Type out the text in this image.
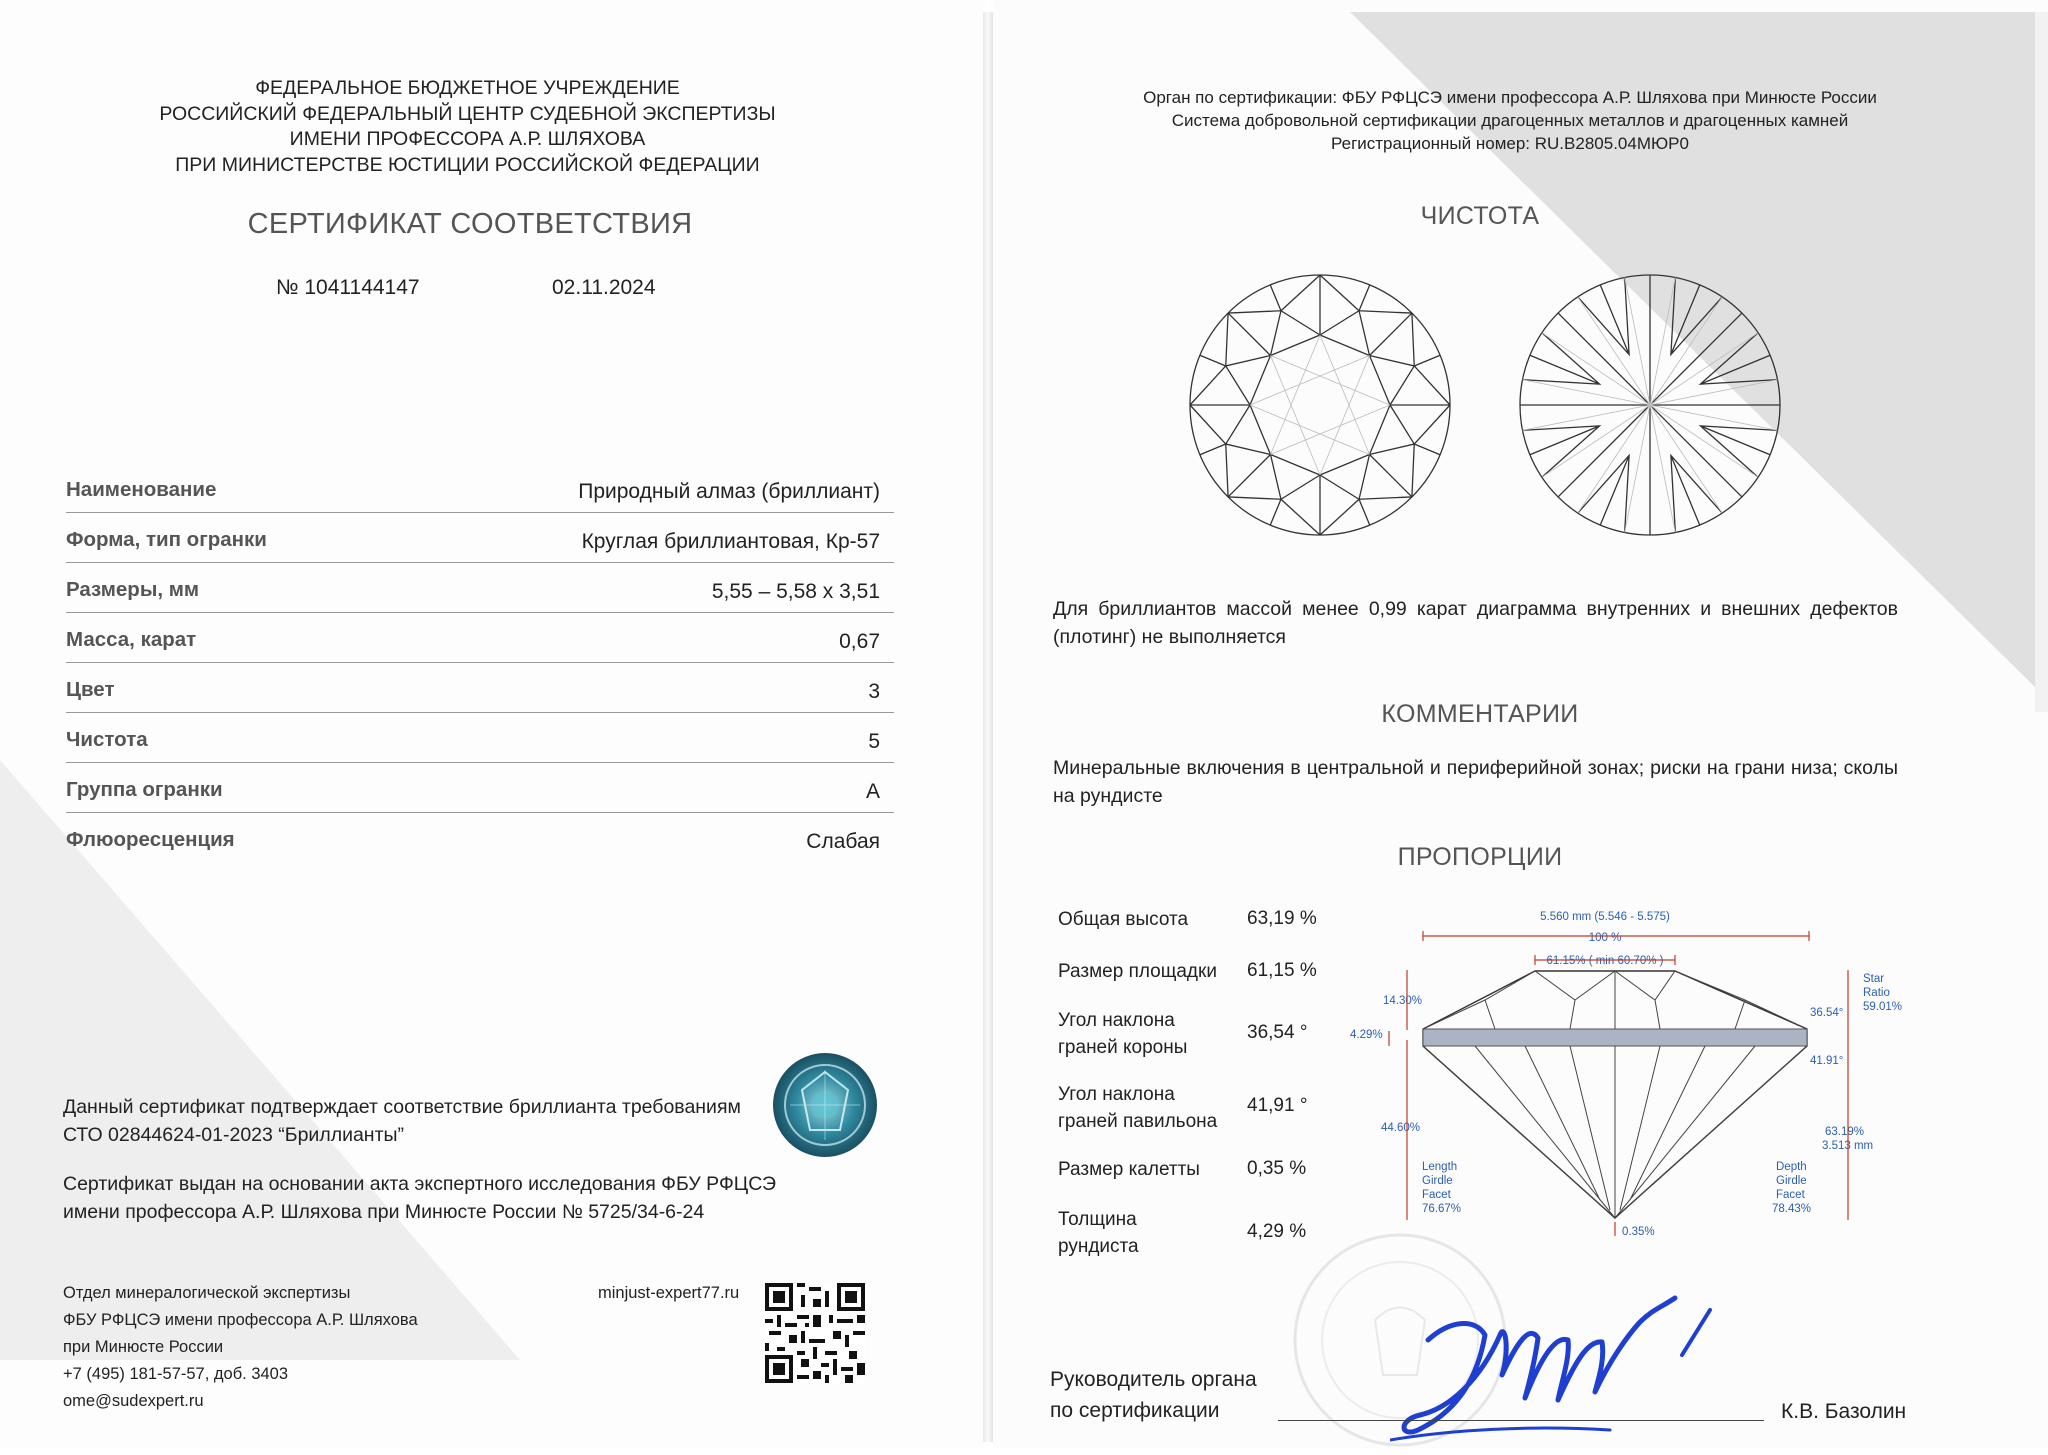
ФЕДЕРАЛЬНОЕ БЮДЖЕТНОЕ УЧРЕЖДЕНИЕ
РОССИЙСКИЙ ФЕДЕРАЛЬНЫЙ ЦЕНТР СУДЕБНОЙ ЭКСПЕРТИЗЫ
ИМЕНИ ПРОФЕССОРА А.Р. ШЛЯХОВА
ПРИ МИНИСТЕРСТВЕ ЮСТИЦИИ РОССИЙСКОЙ ФЕДЕРАЦИИ
СЕРТИФИКАТ СООТВЕТСТВИЯ
№ 1041144147	02.11.2024
Наименование	Природный алмаз (бриллиант)
Форма, тип огранки	Круглая бриллиантовая, Кр-57
Размеры, мм	5,55 – 5,58 x 3,51
Масса, карат	0,67
Цвет	3
Чистота	5
Группа огранки	А
Флюоресценция	Слабая
Данный сертификат подтверждает соответствие бриллианта требованиям
СТО 02844624-01-2023 “Бриллианты”
Сертификат выдан на основании акта экспертного исследования ФБУ РФЦСЭ
имени профессора А.Р. Шляхова при Минюсте России № 5725/34-6-24
Отдел минералогической экспертизы
ФБУ РФЦСЭ имени профессора А.Р. Шляхова
при Минюсте России
+7 (495) 181-57-57, доб. 3403
ome@sudexpert.ru
minjust-expert77.ru
Орган по сертификации: ФБУ РФЦСЭ имени профессора А.Р. Шляхова при Минюсте России
Система добровольной сертификации драгоценных металлов и драгоценных камней
Регистрационный номер: RU.В2805.04МЮР0
ЧИСТОТА
Для бриллиантов массой менее 0,99 карат диаграмма внутренних и внешних дефектов (плотинг) не выполняется
КОММЕНТАРИИ
Минеральные включения в центральной и периферийной зонах; риски на грани низа; сколы на рундисте
ПРОПОРЦИИ
Общая высота	63,19 %
Размер площадки 61,15 %
Угол наклона
граней короны
36,54 °
Угол наклона
граней павильона
41,91 °
Размер калетты 0,35 %
Толщина
рундиста
4,29 %
5.560 mm (5.546 - 5.575)
100 %
61.15% ( min 60.70% )
14.30%
4.29%
44.60%
Star
Ratio
59.01%
36.54°
41.91°
63.19%
3.513 mm
Length
Girdle
Facet
76.67%
Depth
Girdle
Facet
78.43%
0.35%
Руководитель органа
по сертификации	К.В. Базолин
